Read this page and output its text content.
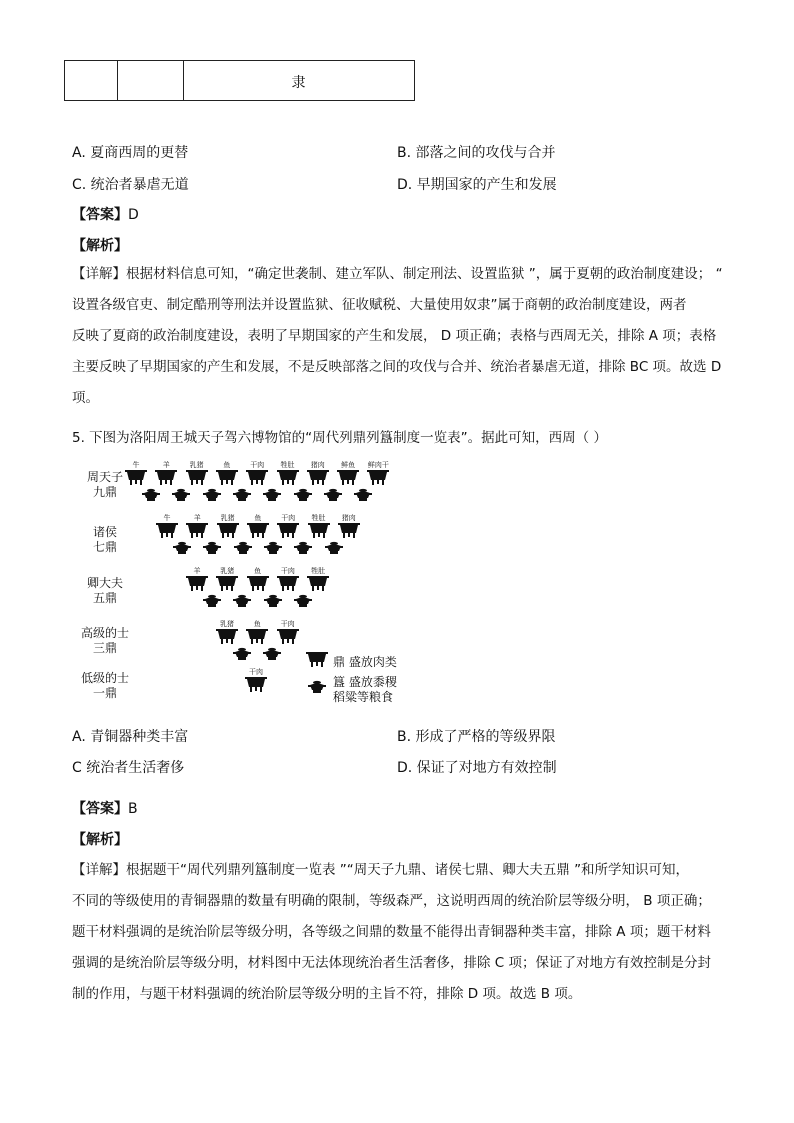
隶
A. 夏商西周的更替	B. 部落之间的攻伐与合并
C. 统治者暴虐无道	D. 早期国家的产生和发展
【答案】D
【解析】
【详解】根据材料信息可知，“确定世袭制、建立军队、制定刑法、设置监狱 ”，属于夏朝的政治制度建设； “
设置各级官吏、制定酷刑等刑法并设置监狱、征收赋税、大量使用奴隶”属于商朝的政治制度建设，两者
反映了夏商的政治制度建设，表明了早期国家的产生和发展， D 项正确；表格与西周无关，排除 A 项；表格
主要反映了早期国家的产生和发展，不是反映部落之间的攻伐与合并、统治者暴虐无道，排除 BC 项。故选 D
项。
5. 下图为洛阳周王城天子驾六博物馆的“周代列鼎列簋制度一览表”。据此可知，西周（ ）
周天子
九鼎
牛	羊	乳猪	鱼	干肉	牲肚	猪肉	鲜鱼	鲜肉干
诸侯
七鼎
牛	羊	乳猪	鱼	干肉	牲肚	猪肉
卿大夫
五鼎
羊	乳猪	鱼	干肉	牲肚
高级的士
三鼎
乳猪	鱼	干肉
低级的士
一鼎
干肉
鼎 盛放肉类
簋 盛放黍稷
稻粱等粮食
A. 青铜器种类丰富	B. 形成了严格的等级界限
C 统治者生活奢侈	D. 保证了对地方有效控制
【答案】B
【解析】
【详解】根据题干“周代列鼎列簋制度一览表 ”“周天子九鼎、诸侯七鼎、卿大夫五鼎 ”和所学知识可知，
不同的等级使用的青铜器鼎的数量有明确的限制，等级森严，这说明西周的统治阶层等级分明， B 项正确；
题干材料强调的是统治阶层等级分明，各等级之间鼎的数量不能得出青铜器种类丰富，排除 A 项；题干材料
强调的是统治阶层等级分明，材料图中无法体现统治者生活奢侈，排除 C 项；保证了对地方有效控制是分封
制的作用，与题干材料强调的统治阶层等级分明的主旨不符，排除 D 项。故选 B 项。
